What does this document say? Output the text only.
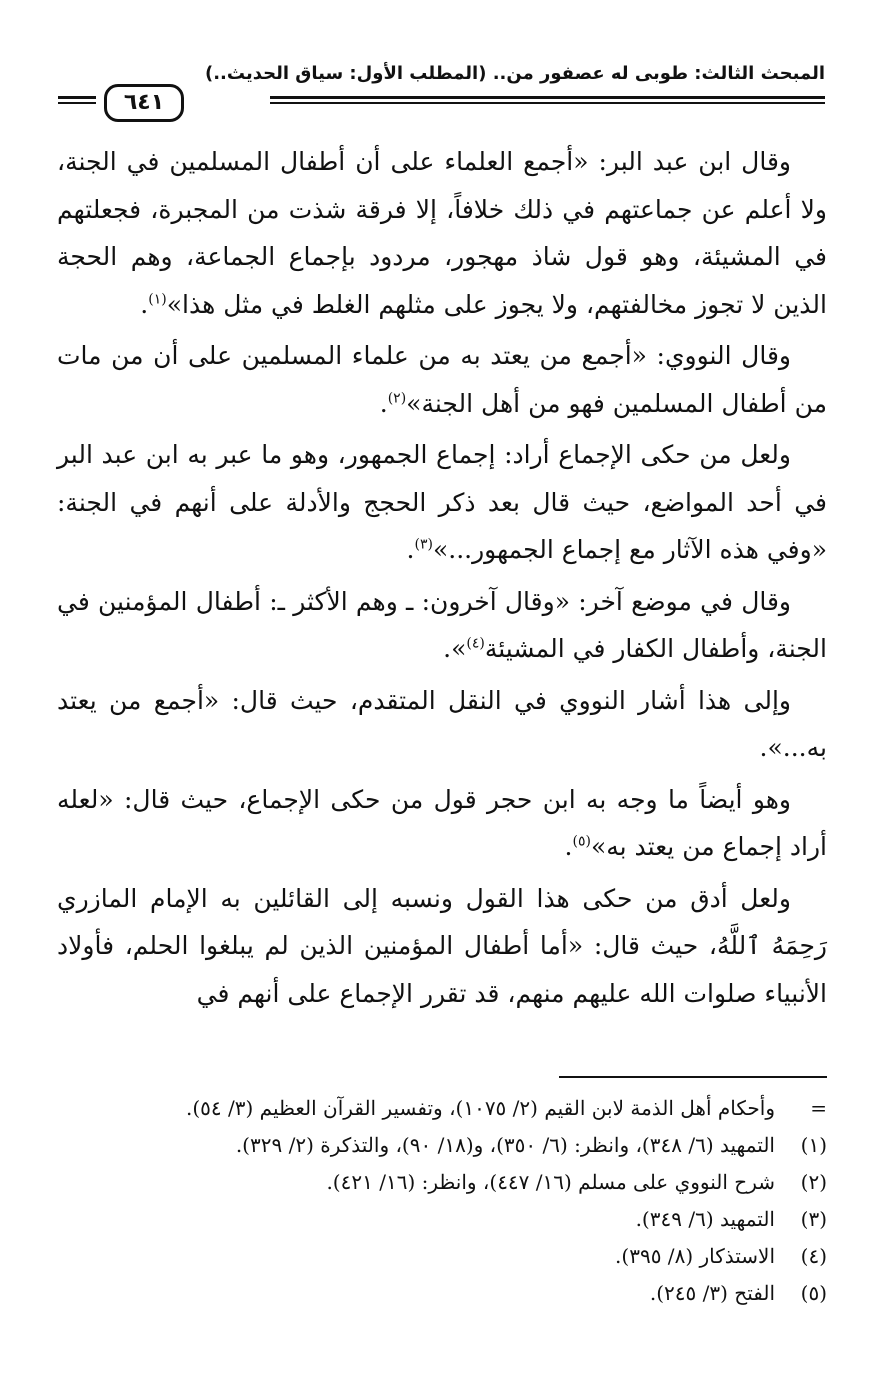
المبحث الثالث: طوبى له عصفور من.. (المطلب الأول: سياق الحديث..)
٦٤١

وقال ابن عبد البر: «أجمع العلماء على أن أطفال المسلمين في الجنة، ولا أعلم عن جماعتهم في ذلك خلافاً، إلا فرقة شذت من المجبرة، فجعلتهم في المشيئة، وهو قول شاذ مهجور، مردود بإجماع الجماعة، وهم الحجة الذين لا تجوز مخالفتهم، ولا يجوز على مثلهم الغلط في مثل هذا»$^{(١)}$.

وقال النووي: «أجمع من يعتد به من علماء المسلمين على أن من مات من أطفال المسلمين فهو من أهل الجنة»$^{(٢)}$.

ولعل من حكى الإجماع أراد: إجماع الجمهور، وهو ما عبر به ابن عبد البر في أحد المواضع، حيث قال بعد ذكر الحجج والأدلة على أنهم في الجنة: «وفي هذه الآثار مع إجماع الجمهور...»$^{(٣)}$.

وقال في موضع آخر: «وقال آخرون: ـ وهم الأكثر ـ: أطفال المؤمنين في الجنة، وأطفال الكفار في المشيئة$^{(٤)}$».

وإلى هذا أشار النووي في النقل المتقدم، حيث قال: «أجمع من يعتد به...».

وهو أيضاً ما وجه به ابن حجر قول من حكى الإجماع، حيث قال: «لعله أراد إجماع من يعتد به»$^{(٥)}$.

ولعل أدق من حكى هذا القول ونسبه إلى القائلين به الإمام المازري رَحِمَهُ ٱللَّهُ، حيث قال: «أما أطفال المؤمنين الذين لم يبلغوا الحلم، فأولاد الأنبياء صلوات الله عليهم منهم، قد تقرر الإجماع على أنهم في

=
وأحكام أهل الذمة لابن القيم (٢/ ١٠٧٥)، وتفسير القرآن العظيم (٣/ ٥٤).
(١)
التمهيد (٦/ ٣٤٨)، وانظر: (٦/ ٣٥٠)، و(١٨/ ٩٠)، والتذكرة (٢/ ٣٢٩).
(٢)
شرح النووي على مسلم (١٦/ ٤٤٧)، وانظر: (١٦/ ٤٢١).
(٣)
التمهيد (٦/ ٣٤٩).
(٤)
الاستذكار (٨/ ٣٩٥).
(٥)
الفتح (٣/ ٢٤٥).
